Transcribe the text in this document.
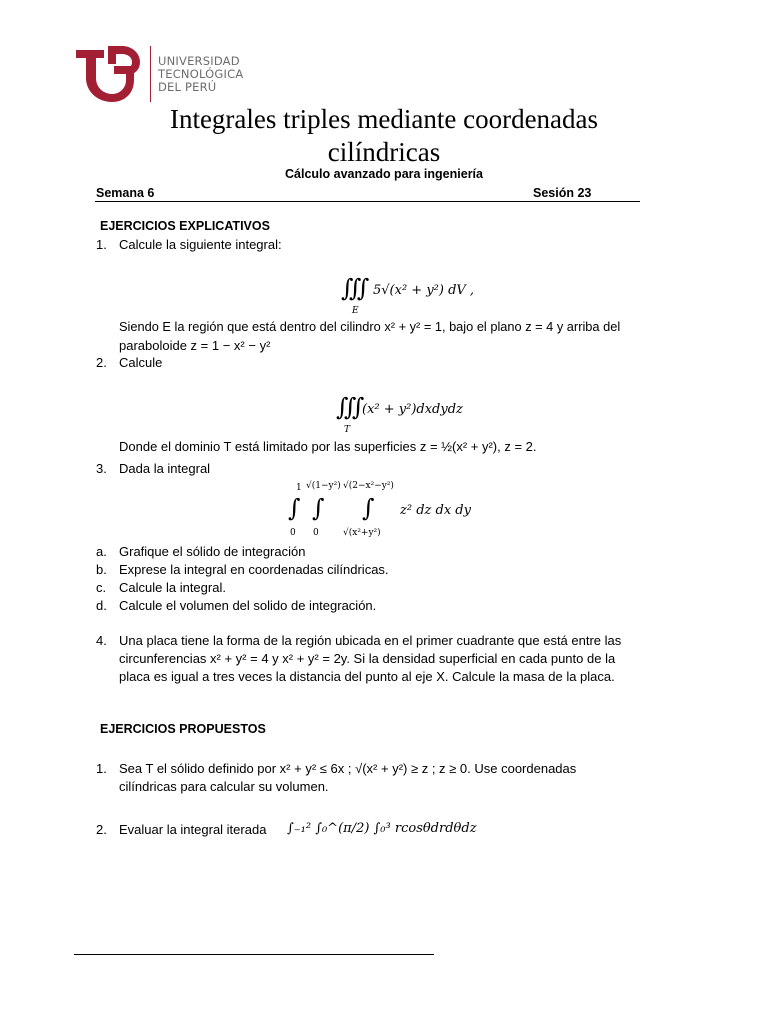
UNIVERSIDAD
TECNOLÓGICA
DEL PERÚ
Integrales triples mediante coordenadas
cilíndricas
Cálculo avanzado para ingeniería
Semana 6	Sesión 23
EJERCICIOS EXPLICATIVOS
1. Calcule la siguiente integral:
∭
E
5√(x² + y²) dV ,
Siendo E la región que está dentro del cilindro x² + y² = 1, bajo el plano z = 4 y arriba del
paraboloide z = 1 − x² − y²
2. Calcule
∭
T
(x² + y²)dxdydz
Donde el dominio T está limitado por las superficies z = ½(x² + y²), z = 2.
3. Dada la integral
1
∫
0
√(1−y²)
∫
0
√(2−x²−y²)
∫
√(x²+y²)
z² dz dx dy
a. Grafique el sólido de integración
b. Exprese la integral en coordenadas cilíndricas.
c. Calcule la integral.
d. Calcule el volumen del solido de integración.
4. Una placa tiene la forma de la región ubicada en el primer cuadrante que está entre las
circunferencias x² + y² = 4 y x² + y² = 2y. Si la densidad superficial en cada punto de la
placa es igual a tres veces la distancia del punto al eje X. Calcule la masa de la placa.
EJERCICIOS PROPUESTOS
1. Sea T el sólido definido por x² + y² ≤ 6x ; √(x² + y²) ≥ z ; z ≥ 0. Use coordenadas
cilíndricas para calcular su volumen.
2. Evaluar la integral iterada ∫₋₁² ∫₀^(π/2) ∫₀³ rcosθdrdθdz
